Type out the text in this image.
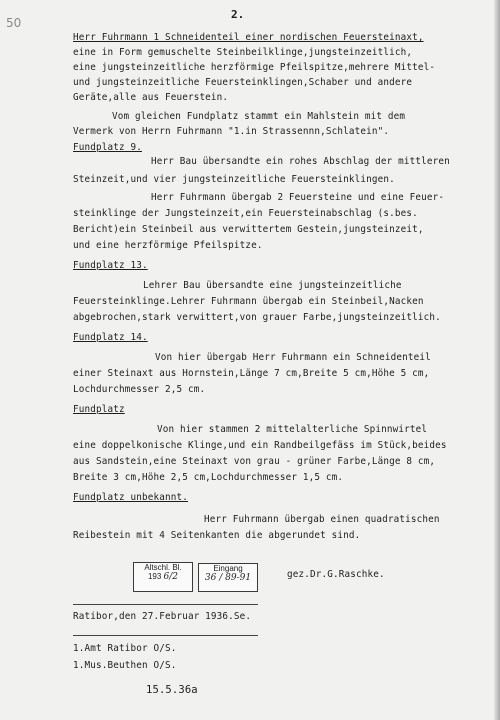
50
2.
Herr Fuhrmann 1 Schneidenteil einer nordischen Feuersteinaxt,
eine in Form gemuschelte Steinbeilklinge,jungsteinzeitlich,
eine jungsteinzeitliche herzförmige Pfeilspitze,mehrere Mittel-
und jungsteinzeitliche Feuersteinklingen,Schaber und andere
Geräte,alle aus Feuerstein.
Vom gleichen Fundplatz stammt ein Mahlstein mit dem
Vermerk von Herrn Fuhrmann "1.in Strassennn,Schlatein".
Fundplatz 9.
Herr Bau übersandte ein rohes Abschlag der mittleren
Steinzeit,und vier jungsteinzeitliche Feuersteinklingen.
Herr Fuhrmann übergab 2 Feuersteine und eine Feuer-
steinklinge der Jungsteinzeit,ein Feuersteinabschlag (s.bes.
Bericht)ein Steinbeil aus verwittertem Gestein,jungsteinzeit,
und eine herzförmige Pfeilspitze.
Fundplatz 13.
Lehrer Bau übersandte eine jungsteinzeitliche
Feuersteinklinge.Lehrer Fuhrmann übergab ein Steinbeil,Nacken
abgebrochen,stark verwittert,von grauer Farbe,jungsteinzeitlich.
Fundplatz 14.
Von hier übergab Herr Fuhrmann ein Schneidenteil
einer Steinaxt aus Hornstein,Länge 7 cm,Breite 5 cm,Höhe 5 cm,
Lochdurchmesser 2,5 cm.
Fundplatz
Von hier stammen 2 mittelalterliche Spinnwirtel
eine doppelkonische Klinge,und ein Randbeilgefäss im Stück,beides
aus Sandstein,eine Steinaxt von grau - grüner Farbe,Länge 8 cm,
Breite 3 cm,Höhe 2,5 cm,Lochdurchmesser 1,5 cm.
Fundplatz unbekannt.
Herr Fuhrmann übergab einen quadratischen
Reibestein mit 4 Seitenkanten die abgerundet sind.
Altschl. Bl.
193 6/2
Eingang
36 / 89-91	gez.Dr.G.Raschke.
Ratibor,den 27.Februar 1936.Se.
1.Amt Ratibor O/S.
1.Mus.Beuthen O/S.
15.5.36a
